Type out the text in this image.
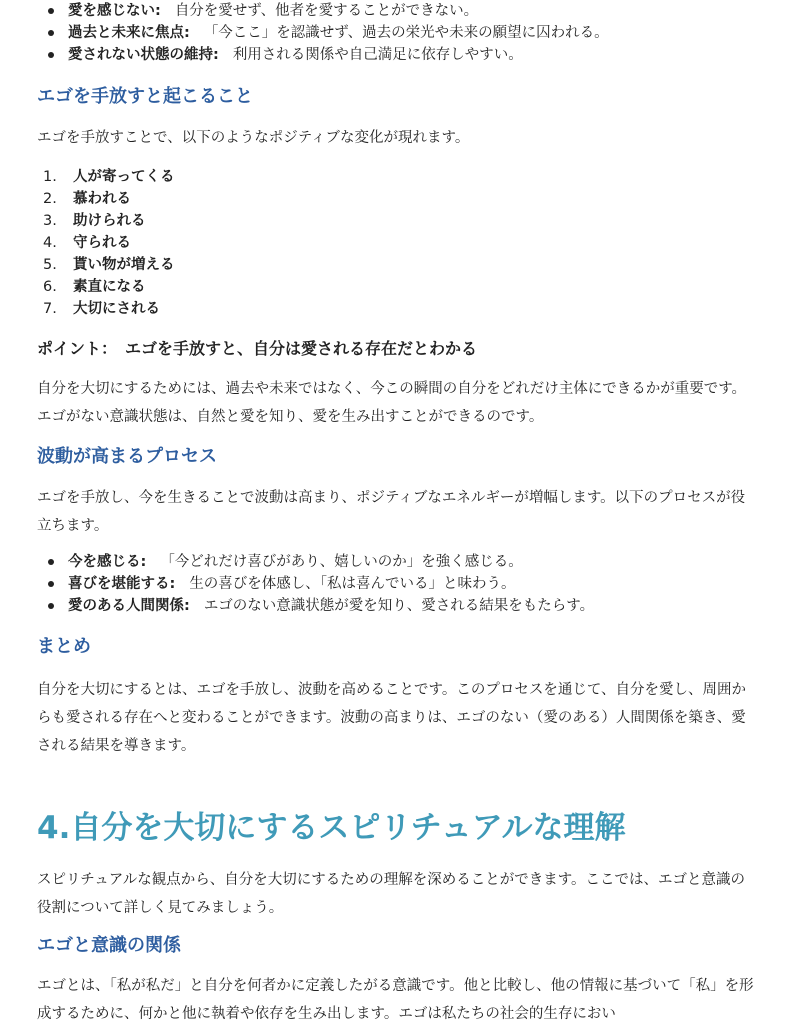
愛を感じない: 自分を愛せず、他者を愛することができない。
過去と未来に焦点: 「今ここ」を認識せず、過去の栄光や未来の願望に囚われる。
愛されない状態の維持: 利用される関係や自己満足に依存しやすい。
エゴを手放すと起こること

エゴを手放すことで、以下のようなポジティブな変化が現れます。

1. 人が寄ってくる
2. 慕われる
3. 助けられる
4. 守られる
5. 貰い物が増える
6. 素直になる
7. 大切にされる
ポイント：　エゴを手放すと、自分は愛される存在だとわかる

自分を大切にするためには、過去や未来ではなく、今この瞬間の自分をどれだけ主体にできるかが重要です。エゴがない意識状態は、自然と愛を知り、愛を生み出すことができるのです。

波動が高まるプロセス

エゴを手放し、今を生きることで波動は高まり、ポジティブなエネルギーが増幅します。以下のプロセスが役立ちます。

今を感じる: 「今どれだけ喜びがあり、嬉しいのか」を強く感じる。
喜びを堪能する: 生の喜びを体感し、「私は喜んでいる」と味わう。
愛のある人間関係: エゴのない意識状態が愛を知り、愛される結果をもたらす。
まとめ

自分を大切にするとは、エゴを手放し、波動を高めることです。このプロセスを通じて、自分を愛し、周囲からも愛される存在へと変わることができます。波動の高まりは、エゴのない（愛のある）人間関係を築き、愛される結果を導きます。

4.自分を大切にするスピリチュアルな理解

スピリチュアルな観点から、自分を大切にするための理解を深めることができます。ここでは、エゴと意識の役割について詳しく見てみましょう。

エゴと意識の関係

エゴとは、「私が私だ」と自分を何者かに定義したがる意識です。他と比較し、他の情報に基づいて「私」を形成するために、何かと他に執着や依存を生み出します。エゴは私たちの社会的生存におい
